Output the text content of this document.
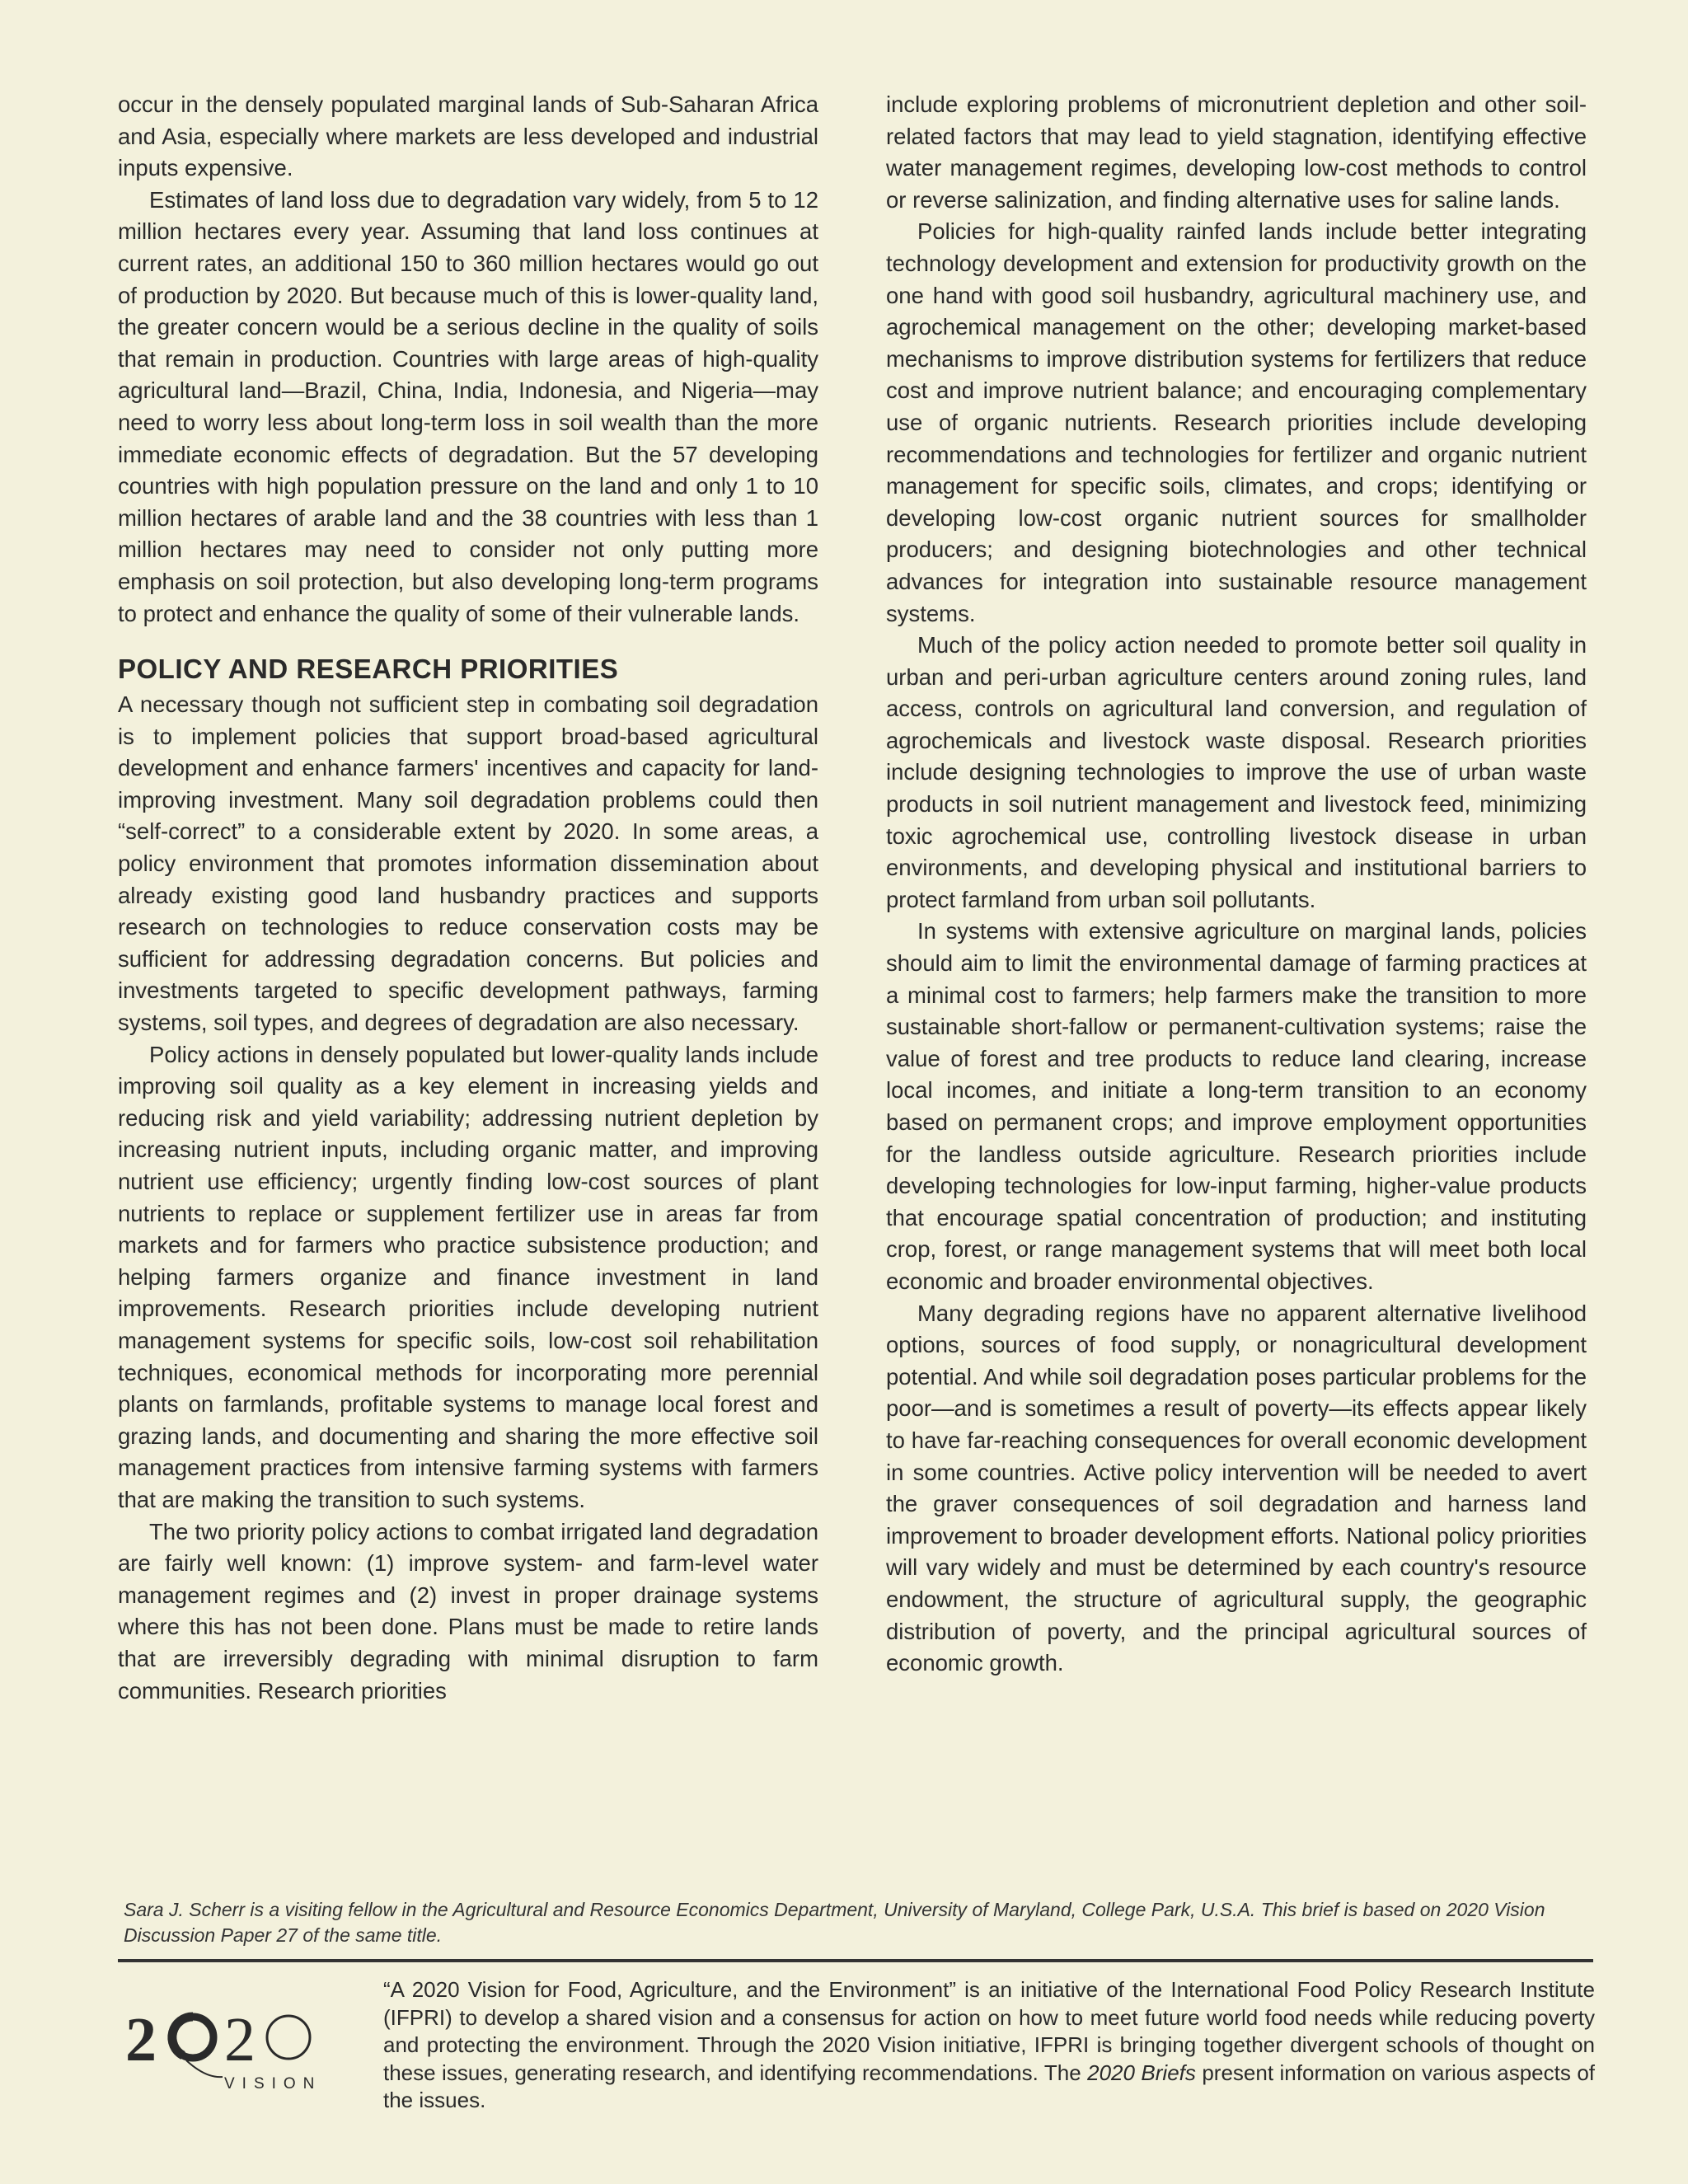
occur in the densely populated marginal lands of Sub-Saharan Africa and Asia, especially where markets are less developed and industrial inputs expensive.

Estimates of land loss due to degradation vary widely, from 5 to 12 million hectares every year. Assuming that land loss continues at current rates, an additional 150 to 360 million hectares would go out of production by 2020. But because much of this is lower-quality land, the greater concern would be a serious decline in the quality of soils that remain in production. Countries with large areas of high-quality agricultural land—Brazil, China, India, Indonesia, and Nigeria—may need to worry less about long-term loss in soil wealth than the more immediate economic effects of degradation. But the 57 developing countries with high population pressure on the land and only 1 to 10 million hectares of arable land and the 38 countries with less than 1 million hectares may need to consider not only putting more emphasis on soil protection, but also developing long-term programs to protect and enhance the quality of some of their vulnerable lands.

POLICY AND RESEARCH PRIORITIES

A necessary though not sufficient step in combating soil degradation is to implement policies that support broad-based agricultural development and enhance farmers' incentives and capacity for land-improving investment. Many soil degradation problems could then “self-correct” to a considerable extent by 2020. In some areas, a policy environment that promotes information dissemination about already existing good land husbandry practices and supports research on technologies to reduce conservation costs may be sufficient for addressing degradation concerns. But policies and investments targeted to specific development pathways, farming systems, soil types, and degrees of degradation are also necessary.

Policy actions in densely populated but lower-quality lands include improving soil quality as a key element in increasing yields and reducing risk and yield variability; addressing nutrient depletion by increasing nutrient inputs, including organic matter, and improving nutrient use efficiency; urgently finding low-cost sources of plant nutrients to replace or supplement fertilizer use in areas far from markets and for farmers who practice subsistence production; and helping farmers organize and finance investment in land improvements. Research priorities include developing nutrient management systems for specific soils, low-cost soil rehabilitation techniques, economical methods for incorporating more perennial plants on farmlands, profitable systems to manage local forest and grazing lands, and documenting and sharing the more effective soil management practices from intensive farming systems with farmers that are making the transition to such systems.

The two priority policy actions to combat irrigated land degradation are fairly well known: (1) improve system- and farm-level water management regimes and (2) invest in proper drainage systems where this has not been done. Plans must be made to retire lands that are irreversibly degrading with minimal disruption to farm communities. Research priorities

include exploring problems of micronutrient depletion and other soil-related factors that may lead to yield stagnation, identifying effective water management regimes, developing low-cost methods to control or reverse salinization, and finding alternative uses for saline lands.

Policies for high-quality rainfed lands include better integrating technology development and extension for productivity growth on the one hand with good soil husbandry, agricultural machinery use, and agrochemical management on the other; developing market-based mechanisms to improve distribution systems for fertilizers that reduce cost and improve nutrient balance; and encouraging complementary use of organic nutrients. Research priorities include developing recommendations and technologies for fertilizer and organic nutrient management for specific soils, climates, and crops; identifying or developing low-cost organic nutrient sources for smallholder producers; and designing biotechnologies and other technical advances for integration into sustainable resource management systems.

Much of the policy action needed to promote better soil quality in urban and peri-urban agriculture centers around zoning rules, land access, controls on agricultural land conversion, and regulation of agrochemicals and livestock waste disposal. Research priorities include designing technologies to improve the use of urban waste products in soil nutrient management and livestock feed, minimizing toxic agrochemical use, controlling livestock disease in urban environments, and developing physical and institutional barriers to protect farmland from urban soil pollutants.

In systems with extensive agriculture on marginal lands, policies should aim to limit the environmental damage of farming practices at a minimal cost to farmers; help farmers make the transition to more sustainable short-fallow or permanent-cultivation systems; raise the value of forest and tree products to reduce land clearing, increase local incomes, and initiate a long-term transition to an economy based on permanent crops; and improve employment opportunities for the landless outside agriculture. Research priorities include developing technologies for low-input farming, higher-value products that encourage spatial concentration of production; and instituting crop, forest, or range management systems that will meet both local economic and broader environmental objectives.

Many degrading regions have no apparent alternative livelihood options, sources of food supply, or nonagricultural development potential. And while soil degradation poses particular problems for the poor—and is sometimes a result of poverty—its effects appear likely to have far-reaching consequences for overall economic development in some countries. Active policy intervention will be needed to avert the graver consequences of soil degradation and harness land improvement to broader development efforts. National policy priorities will vary widely and must be determined by each country's resource endowment, the structure of agricultural supply, the geographic distribution of poverty, and the principal agricultural sources of economic growth.

Sara J. Scherr is a visiting fellow in the Agricultural and Resource Economics Department, University of Maryland, College Park, U.S.A. This brief is based on 2020 Vision Discussion Paper 27 of the same title.
2 2
VISION
“A 2020 Vision for Food, Agriculture, and the Environment” is an initiative of the International Food Policy Research Institute (IFPRI) to develop a shared vision and a consensus for action on how to meet future world food needs while reducing poverty and protecting the environment. Through the 2020 Vision initiative, IFPRI is bringing together divergent schools of thought on these issues, generating research, and identifying recommendations. The 2020 Briefs present information on various aspects of the issues.
